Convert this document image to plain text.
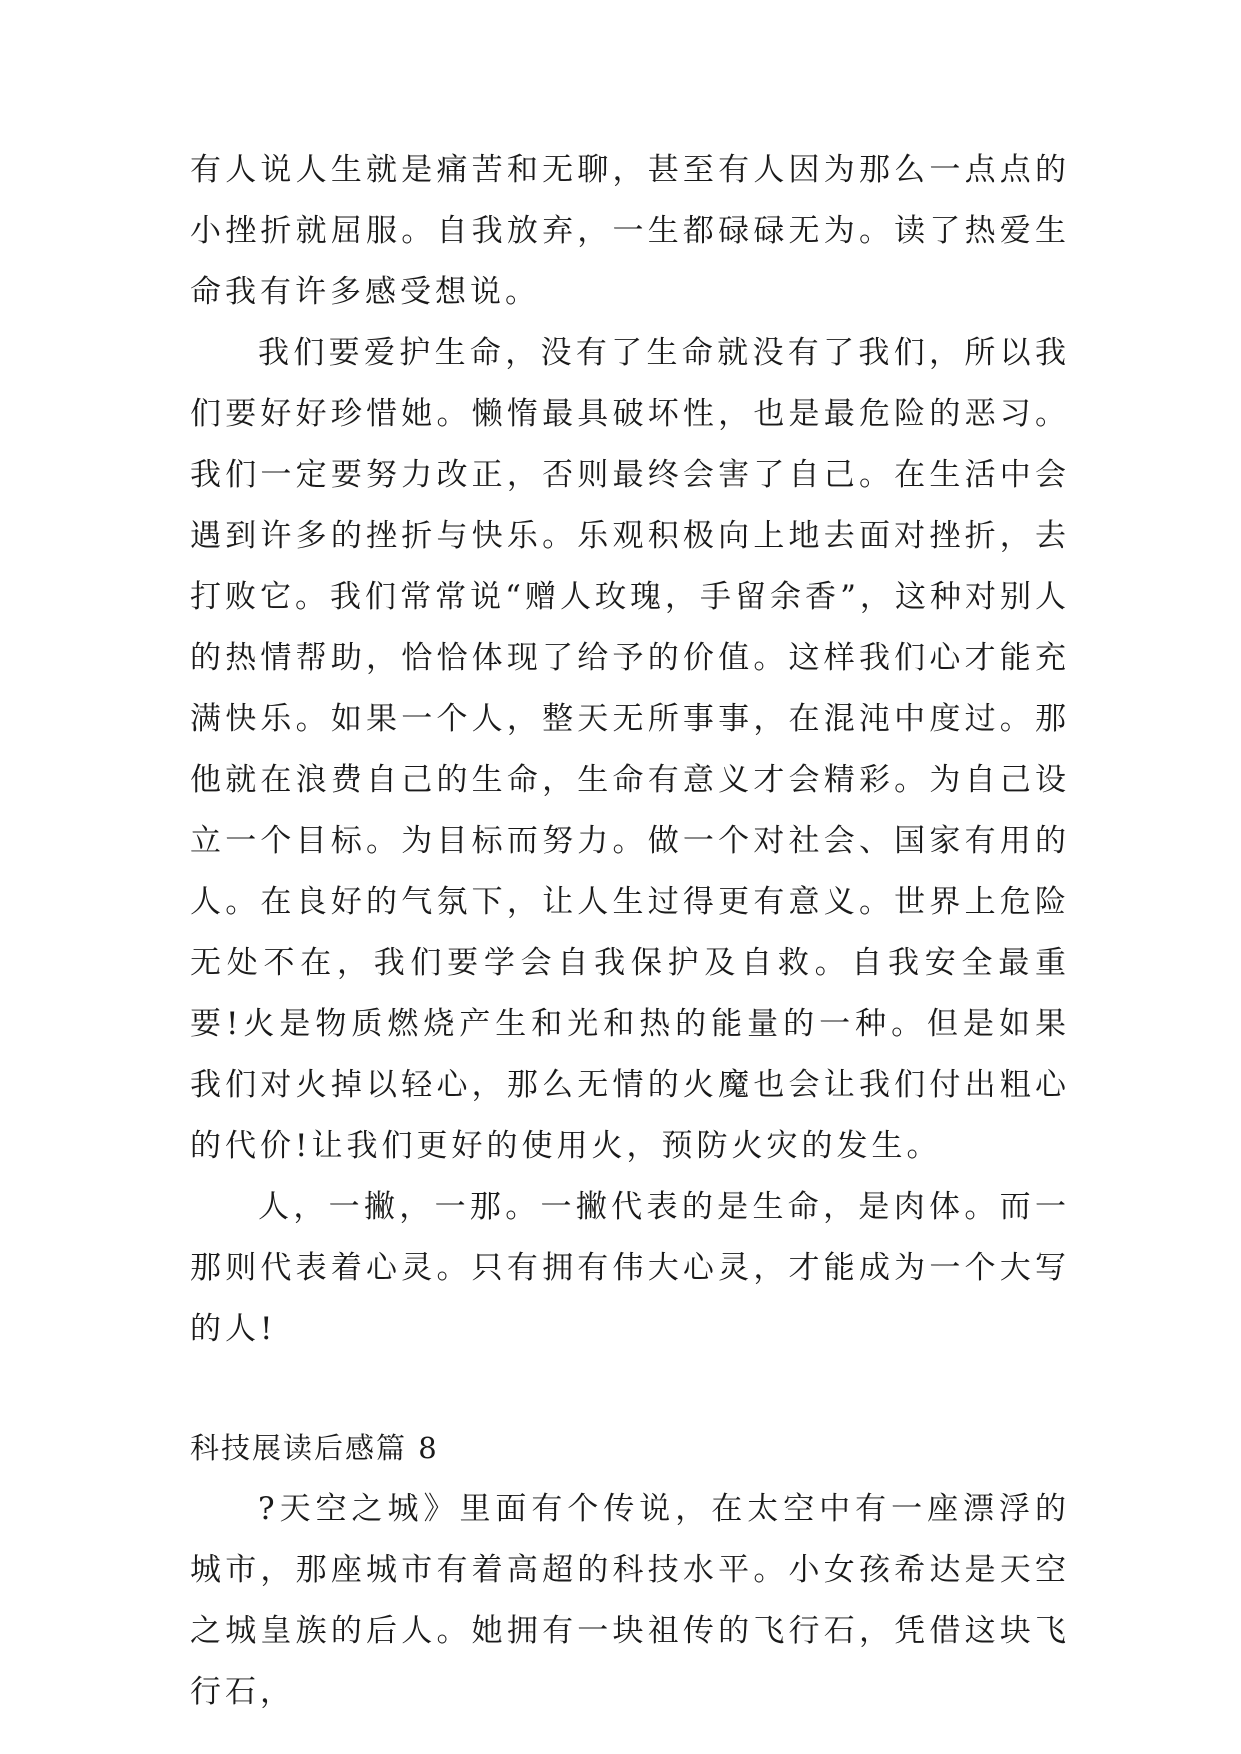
有人说人生就是痛苦和无聊，甚至有人因为那么一点点的小挫折就屈服。自我放弃，一生都碌碌无为。读了热爱生命我有许多感受想说。

我们要爱护生命，没有了生命就没有了我们，所以我们要好好珍惜她。懒惰最具破坏性，也是最危险的恶习。我们一定要努力改正，否则最终会害了自己。在生活中会遇到许多的挫折与快乐。乐观积极向上地去面对挫折，去打败它。我们常常说“赠人玫瑰，手留余香”，这种对别人的热情帮助，恰恰体现了给予的价值。这样我们心才能充满快乐。如果一个人，整天无所事事，在混沌中度过。那他就在浪费自己的生命，生命有意义才会精彩。为自己设立一个目标。为目标而努力。做一个对社会、国家有用的人。在良好的气氛下，让人生过得更有意义。世界上危险无处不在，我们要学会自我保护及自救。自我安全最重要!火是物质燃烧产生和光和热的能量的一种。但是如果我们对火掉以轻心，那么无情的火魔也会让我们付出粗心的代价!让我们更好的使用火，预防火灾的发生。

人，一撇，一那。一撇代表的是生命，是肉体。而一那则代表着心灵。只有拥有伟大心灵，才能成为一个大写的人!

科技展读后感篇 8

?天空之城》里面有个传说，在太空中有一座漂浮的城市，那座城市有着高超的科技水平。小女孩希达是天空之城皇族的后人。她拥有一块祖传的飞行石，凭借这块飞行石，
